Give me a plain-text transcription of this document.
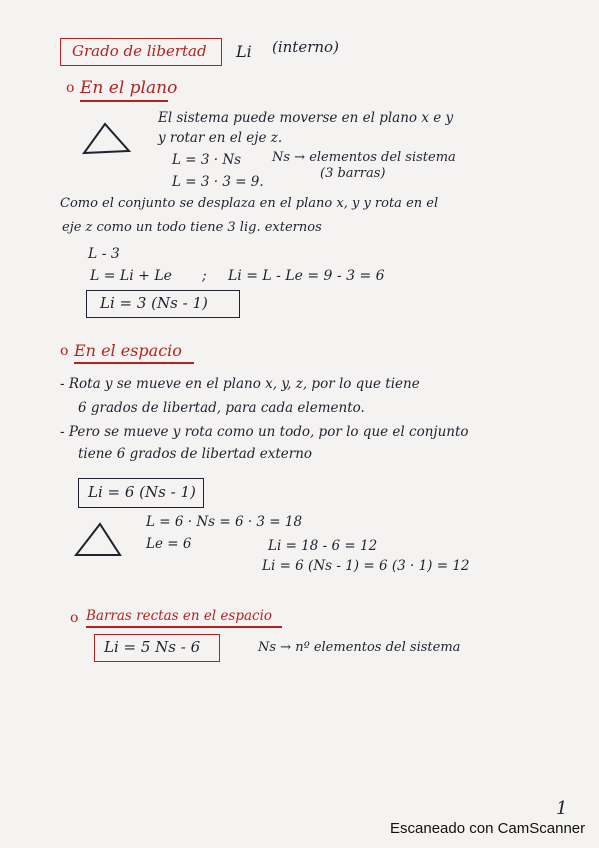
Grado de libertad Li (interno)
o En el plano
El sistema puede moverse en el plano x e y
y rotar en el eje z.
L = 3 · Ns Ns → elementos del sistema
(3 barras)
L = 3 · 3 = 9.
Como el conjunto se desplaza en el plano x, y y rota en el
eje z como un todo tiene 3 lig. externos
L - 3
L = Li + Le ; Li = L - Le = 9 - 3 = 6
Li = 3 (Ns - 1)
o En el espacio
- Rota y se mueve en el plano x, y, z, por lo que tiene
6 grados de libertad, para cada elemento.
- Pero se mueve y rota como un todo, por lo que el conjunto
tiene 6 grados de libertad externo
Li = 6 (Ns - 1)
L = 6 · Ns = 6 · 3 = 18
Le = 6	Li = 18 - 6 = 12
Li = 6 (Ns - 1) = 6 (3 · 1) = 12
o Barras rectas en el espacio
Li = 5 Ns - 6	Ns → nº elementos del sistema
1
Escaneado con CamScanner
